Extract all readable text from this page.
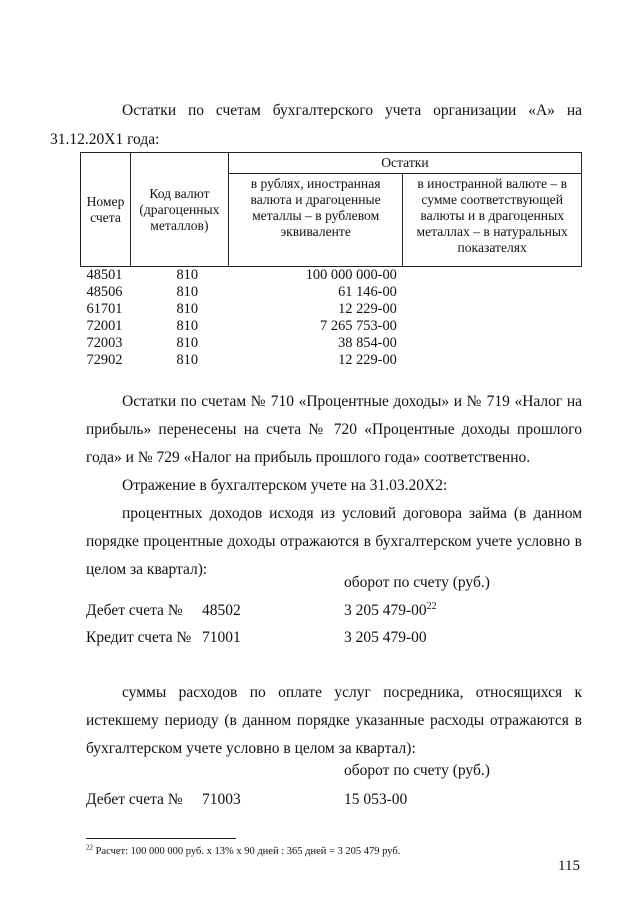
Остатки по счетам бухгалтерского учета организации «А» на
31.12.20Х1 года:
Номер счета	Код валют (драгоценных металлов)	Остатки	
		в рублях, иностранная валюта и драгоценные металлы – в рублевом эквиваленте	в иностранной валюте – в сумме соответствующей валюты и в драгоценных металлах – в натуральных показателях
48501	810	100 000 000-00	
48506	810	61 146-00	
61701	810	12 229-00	
72001	810	7 265 753-00	
72003	810	38 854-00	
72902	810	12 229-00	
Остатки по счетам № 710 «Процентные доходы» и № 719 «Налог на прибыль» перенесены на счета № 720 «Процентные доходы прошлого года» и № 729 «Налог на прибыль прошлого года» соответственно.
Отражение в бухгалтерском учете на 31.03.20Х2:
процентных доходов исходя из условий договора займа (в данном порядке процентные доходы отражаются в бухгалтерском учете условно в целом за квартал):
оборот по счету (руб.)
Дебет счета № 48502	3 205 $479-00^{22}$
Кредит счета № 71001	3 205 479-00
суммы расходов по оплате услуг посредника, относящихся к истекшему периоду (в данном порядке указанные расходы отражаются в бухгалтерском учете условно в целом за квартал):
оборот по счету (руб.)
Дебет счета № 71003	15 053-00
$^{22}$ Расчет: 100 000 000 руб. х 13% х 90 дней : 365 дней = 3 205 479 руб.
115
